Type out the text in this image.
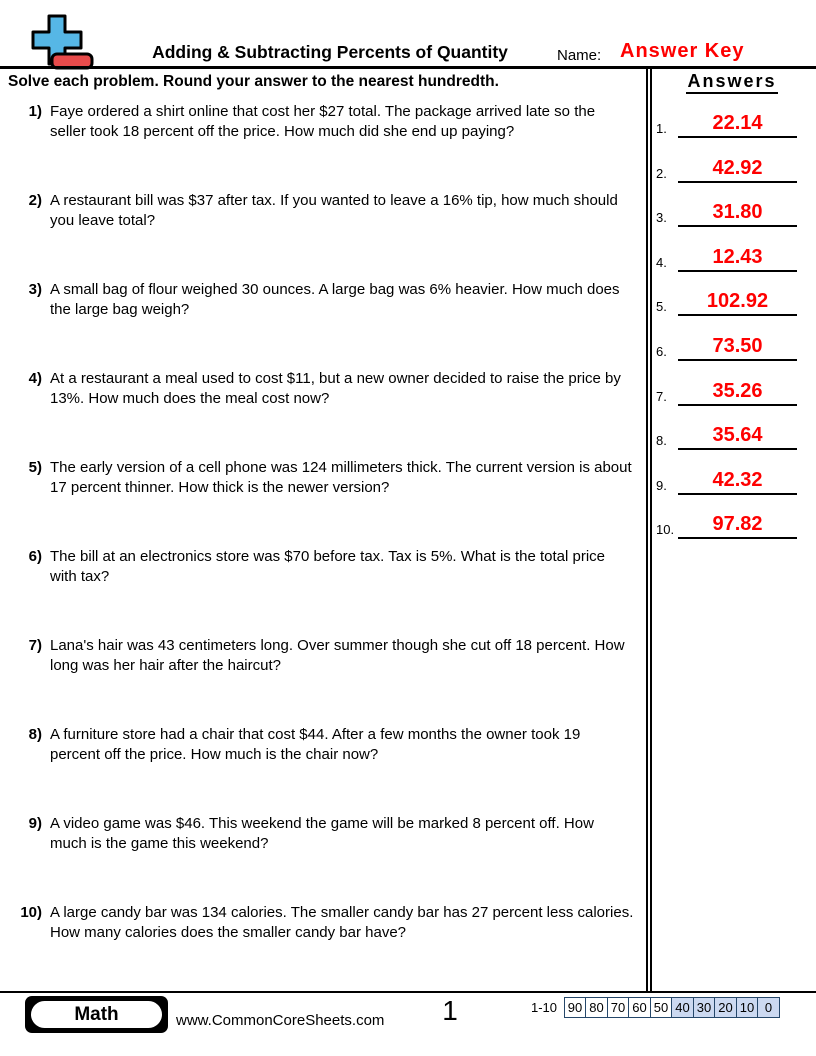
Adding & Subtracting Percents of Quantity	Name: Answer Key
Solve each problem. Round your answer to the nearest hundredth.
1) Faye ordered a shirt online that cost her $27 total. The package arrived late so the seller took 18 percent off the price. How much did she end up paying?
2) A restaurant bill was $37 after tax. If you wanted to leave a 16% tip, how much should you leave total?
3) A small bag of flour weighed 30 ounces. A large bag was 6% heavier. How much does the large bag weigh?
4) At a restaurant a meal used to cost $11, but a new owner decided to raise the price by 13%. How much does the meal cost now?
5) The early version of a cell phone was 124 millimeters thick. The current version is about 17 percent thinner. How thick is the newer version?
6) The bill at an electronics store was $70 before tax. Tax is 5%. What is the total price with tax?
7) Lana's hair was 43 centimeters long. Over summer though she cut off 18 percent. How long was her hair after the haircut?
8) A furniture store had a chair that cost $44. After a few months the owner took 19 percent off the price. How much is the chair now?
9) A video game was $46. This weekend the game will be marked 8 percent off. How much is the game this weekend?
10) A large candy bar was 134 calories. The smaller candy bar has 27 percent less calories. How many calories does the smaller candy bar have?
Answers
1.	22.14
2.	42.92
3.	31.80
4.	12.43
5.	102.92
6.	73.50
7.	35.26
8.	35.64
9.	42.32
10.	97.82
Math	www.CommonCoreSheets.com	1	1-10 90 80 70 60 50 40 30 20 10 0
